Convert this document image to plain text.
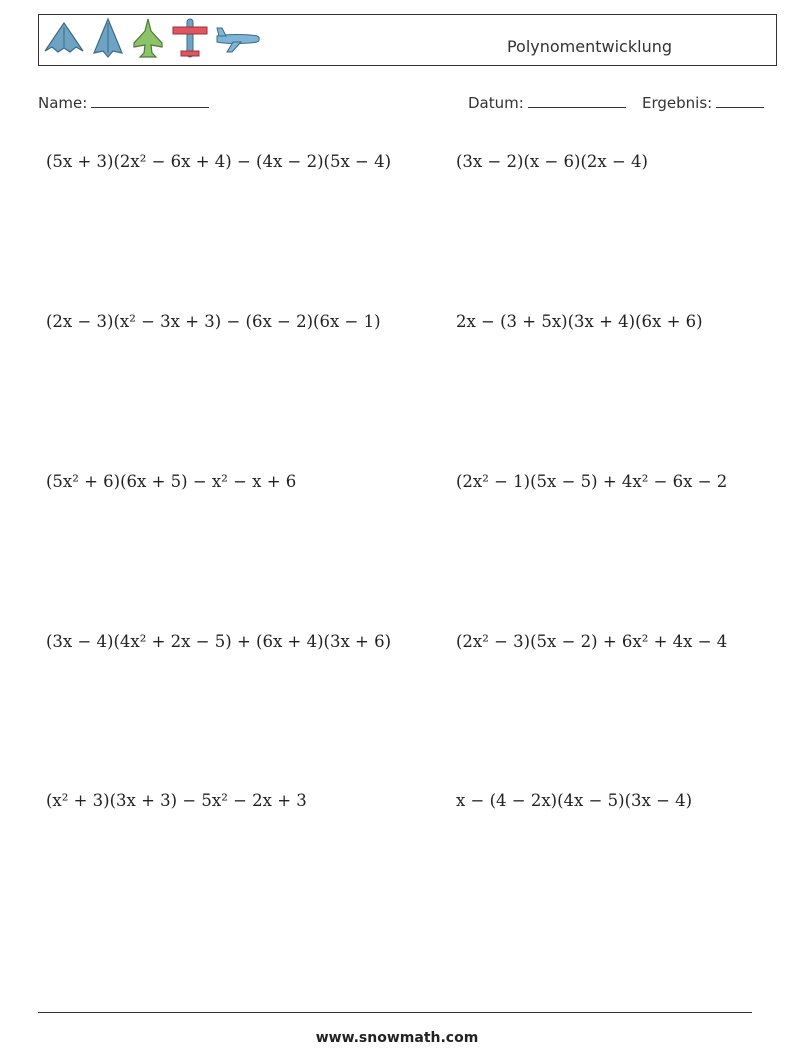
Polynomentwicklung
Name:	Datum:	Ergebnis:
(5x + 3)(2x² − 6x + 4) − (4x − 2)(5x − 4)	(3x − 2)(x − 6)(2x − 4)
(2x − 3)(x² − 3x + 3) − (6x − 2)(6x − 1)	2x − (3 + 5x)(3x + 4)(6x + 6)
(5x² + 6)(6x + 5) − x² − x + 6	(2x² − 1)(5x − 5) + 4x² − 6x − 2
(3x − 4)(4x² + 2x − 5) + (6x + 4)(3x + 6)	(2x² − 3)(5x − 2) + 6x² + 4x − 4
(x² + 3)(3x + 3) − 5x² − 2x + 3	x − (4 − 2x)(4x − 5)(3x − 4)
www.snowmath.com
